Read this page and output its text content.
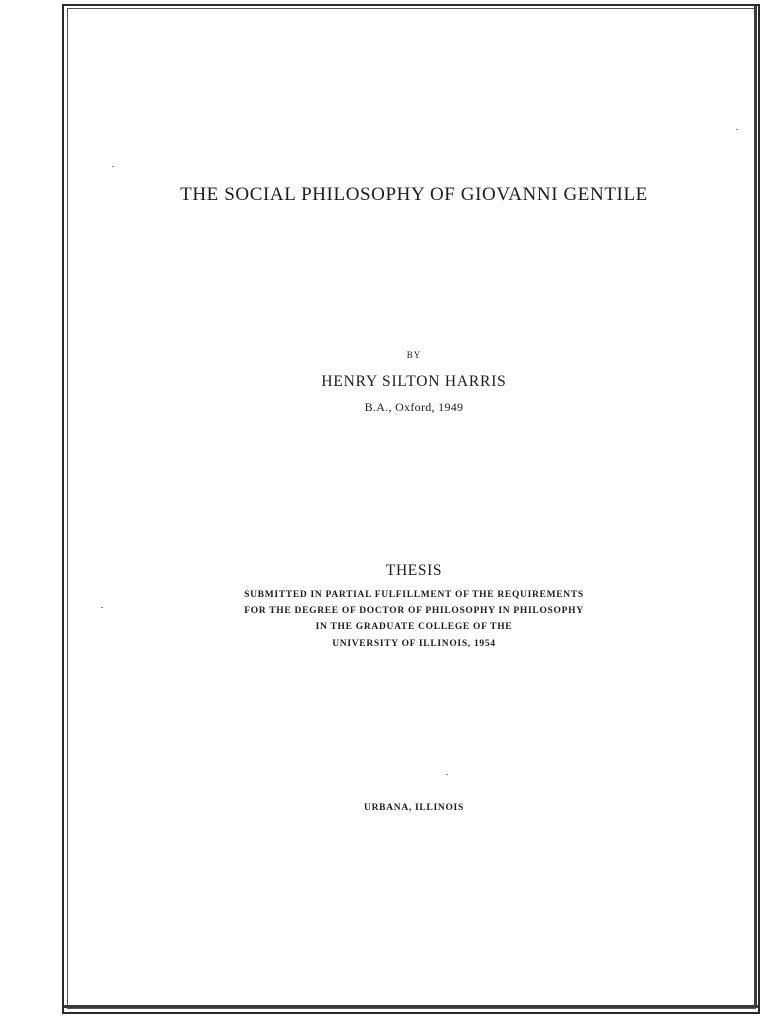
THE SOCIAL PHILOSOPHY OF GIOVANNI GENTILE
BY
HENRY SILTON HARRIS
B.A., Oxford, 1949
THESIS
SUBMITTED IN PARTIAL FULFILLMENT OF THE REQUIREMENTS
FOR THE DEGREE OF DOCTOR OF PHILOSOPHY IN PHILOSOPHY
IN THE GRADUATE COLLEGE OF THE
UNIVERSITY OF ILLINOIS, 1954
URBANA, ILLINOIS
